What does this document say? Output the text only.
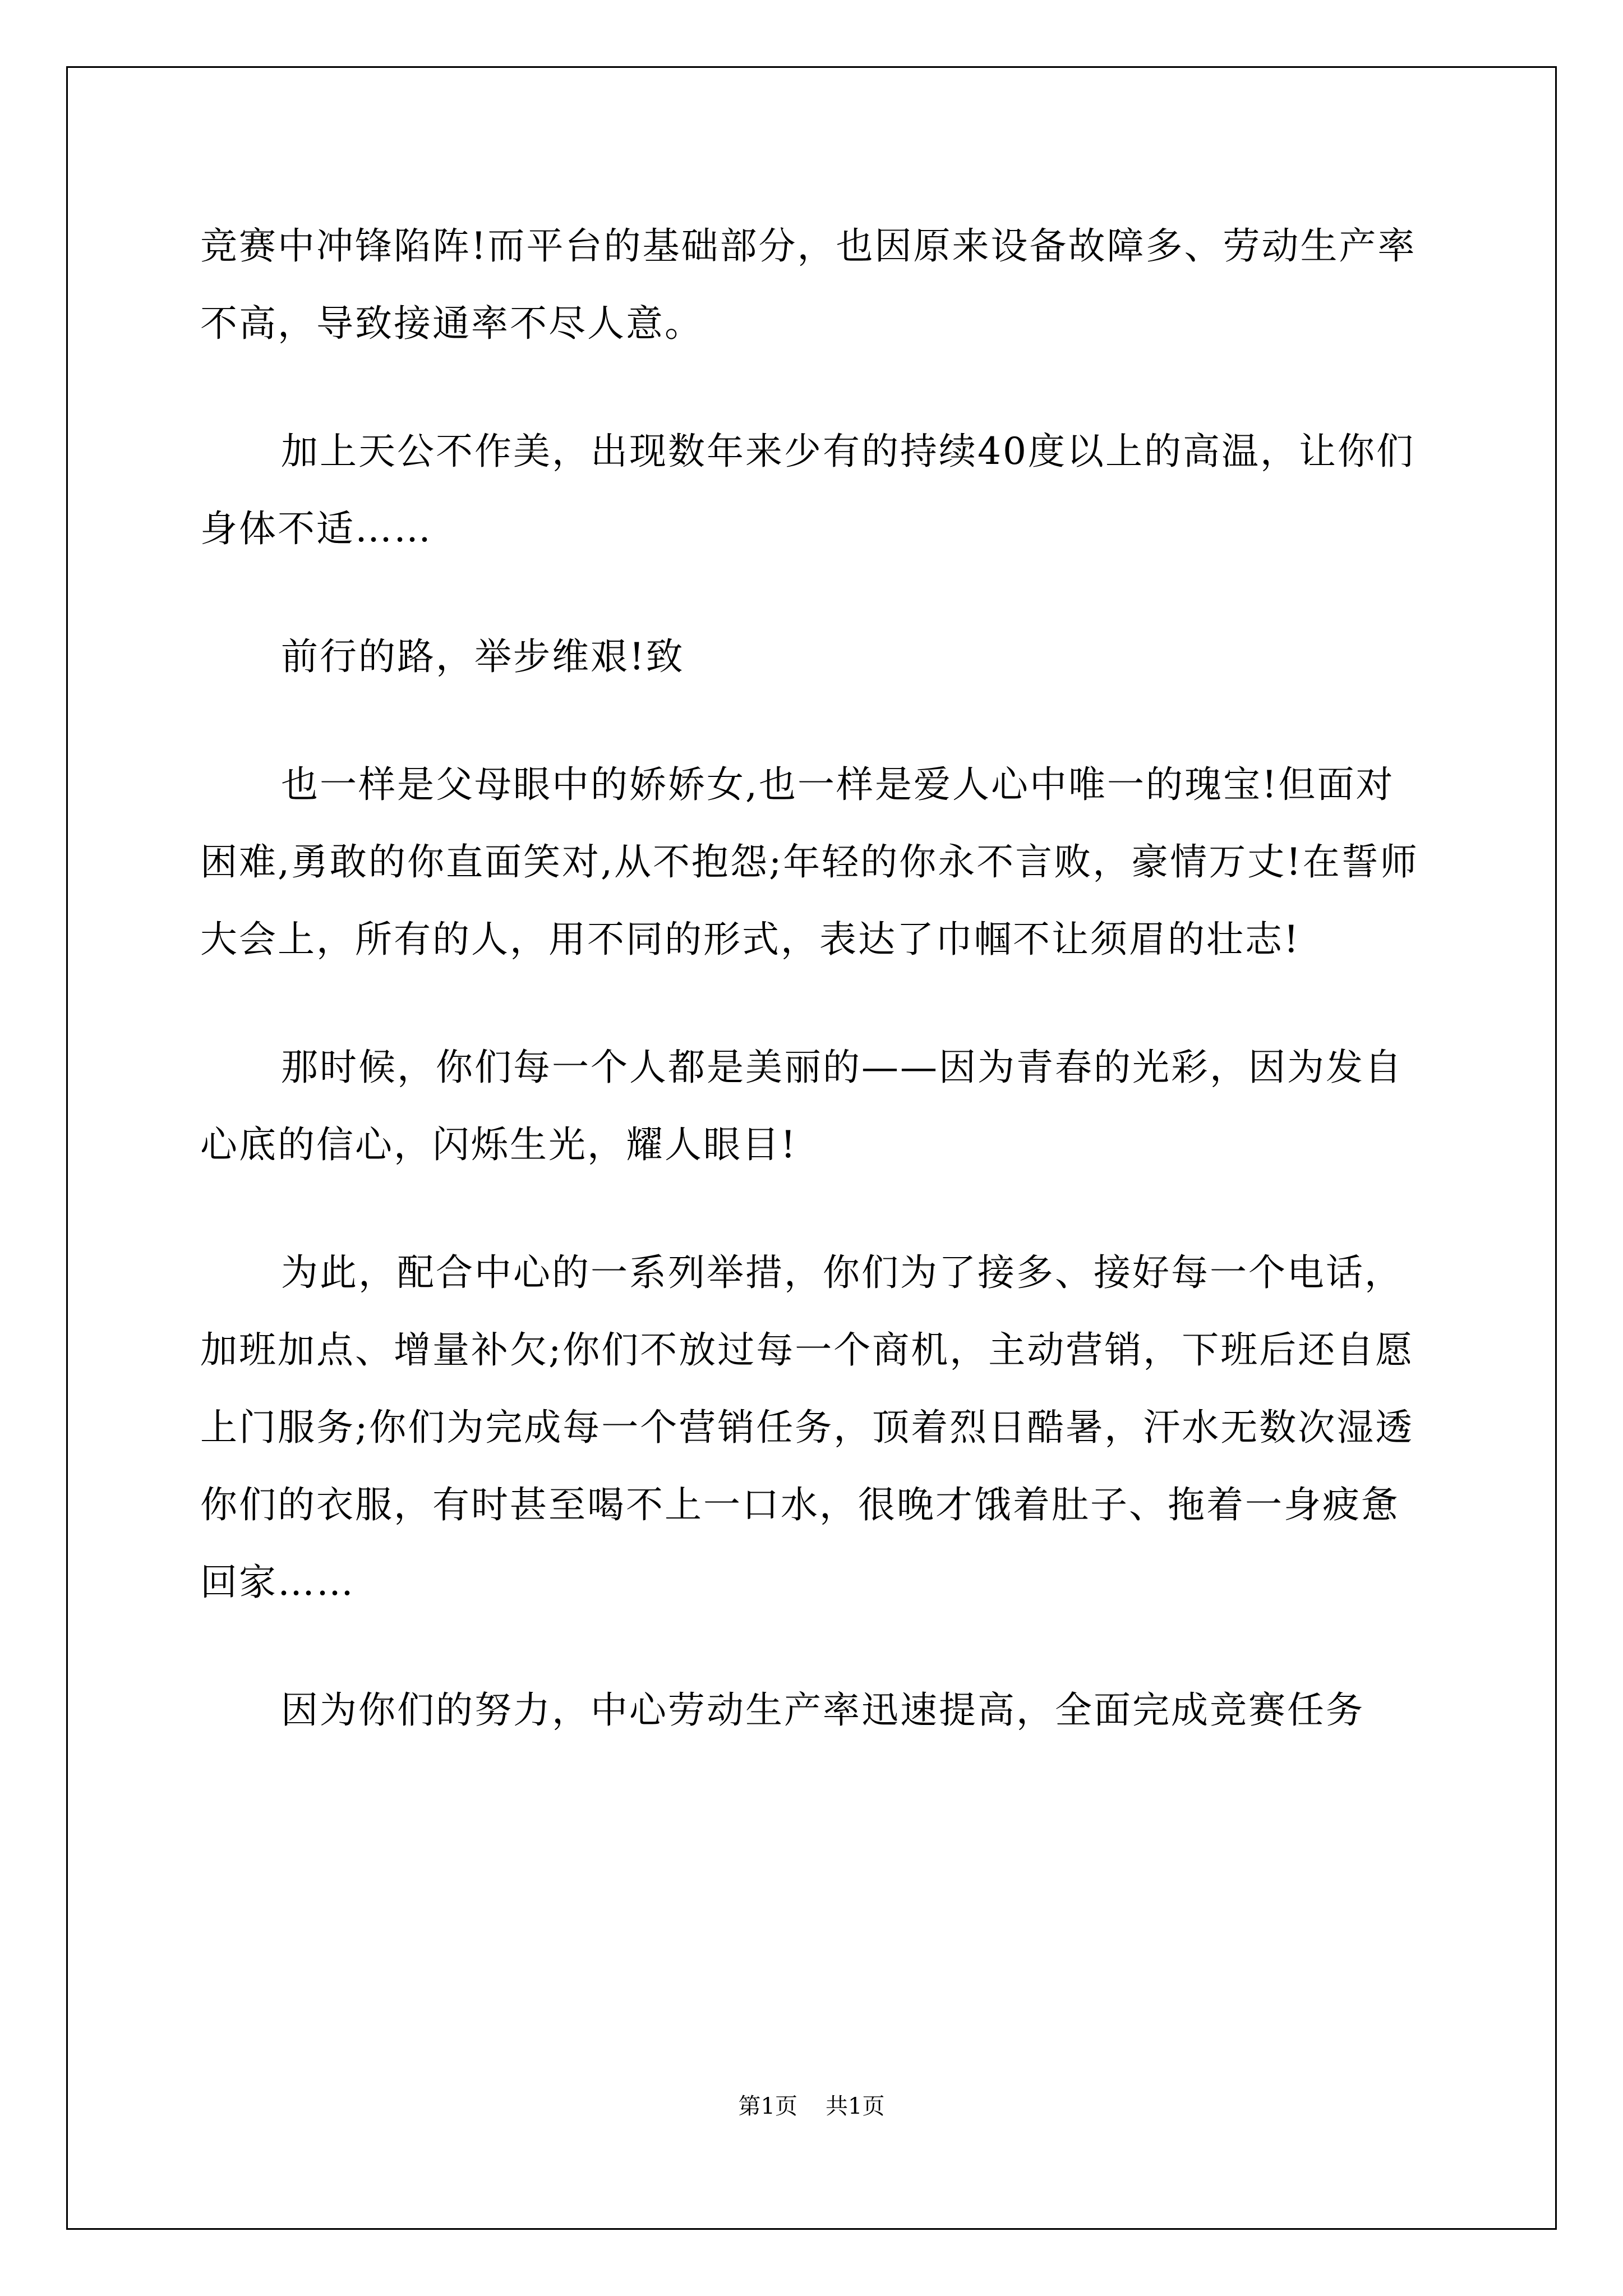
竞赛中冲锋陷阵!而平台的基础部分，也因原来设备故障多、劳动生产率不高，导致接通率不尽人意。

加上天公不作美，出现数年来少有的持续40度以上的高温，让你们身体不适……

前行的路，举步维艰!致

也一样是父母眼中的娇娇女,也一样是爱人心中唯一的瑰宝!但面对困难,勇敢的你直面笑对,从不抱怨;年轻的你永不言败，豪情万丈!在誓师大会上，所有的人，用不同的形式，表达了巾帼不让须眉的壮志!

那时候，你们每一个人都是美丽的——因为青春的光彩，因为发自心底的信心，闪烁生光，耀人眼目!

为此，配合中心的一系列举措，你们为了接多、接好每一个电话，加班加点、增量补欠;你们不放过每一个商机，主动营销，下班后还自愿上门服务;你们为完成每一个营销任务，顶着烈日酷暑，汗水无数次湿透你们的衣服，有时甚至喝不上一口水，很晚才饿着肚子、拖着一身疲惫回家……

因为你们的努力，中心劳动生产率迅速提高，全面完成竞赛任务

第1页 共1页
